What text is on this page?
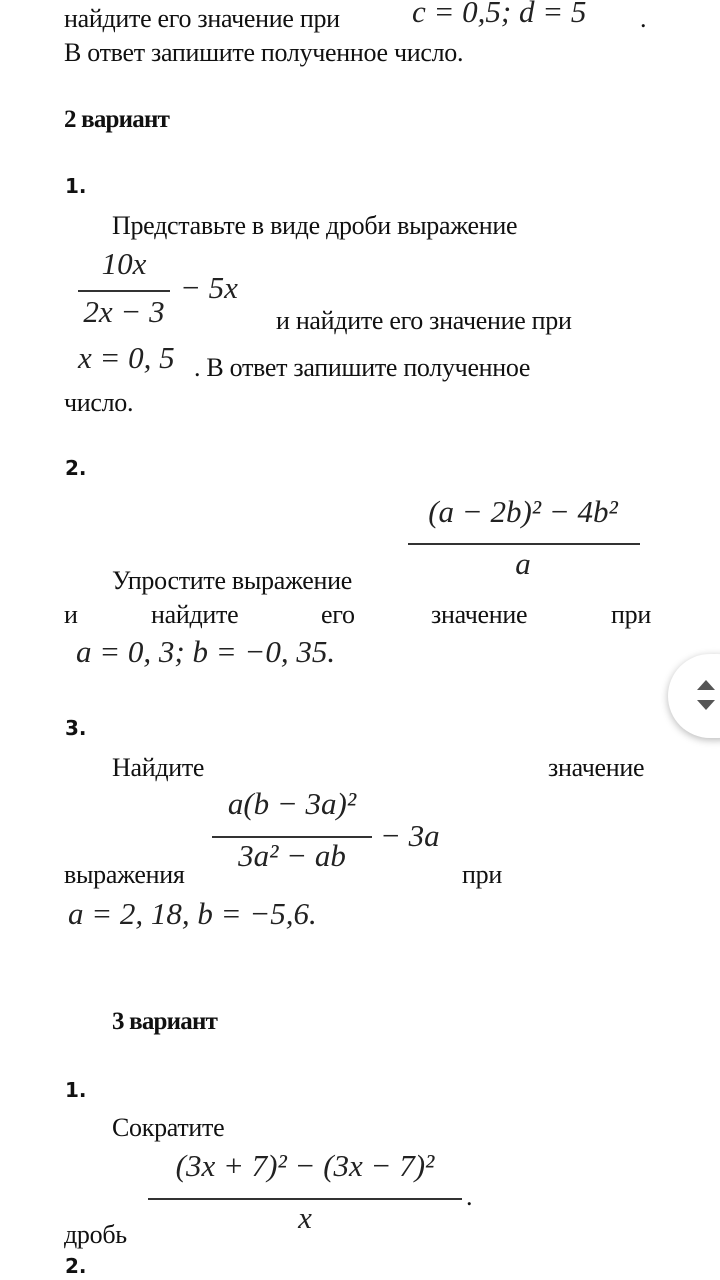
найдите его значение при c = 0,5; d = 5 .
В ответ запишите полученное число.
2 вариант
1.
Представьте в виде дроби выражение
10x
2x − 3
− 5x
и найдите его значение при
x = 0, 5 . В ответ запишите полученное
число.
2.
(a − 2b)² − 4b²
a
Упростите выражение
и	найдите	его	значение	при
a = 0, 3; b = −0, 35.
3.
Найдите	значение
a(b − 3a)²
3a² − ab
− 3a
выражения	при
a = 2, 18, b = −5,6.
3 вариант
1.
Сократите
(3x + 7)² − (3x − 7)²
x
.
дробь
2.
